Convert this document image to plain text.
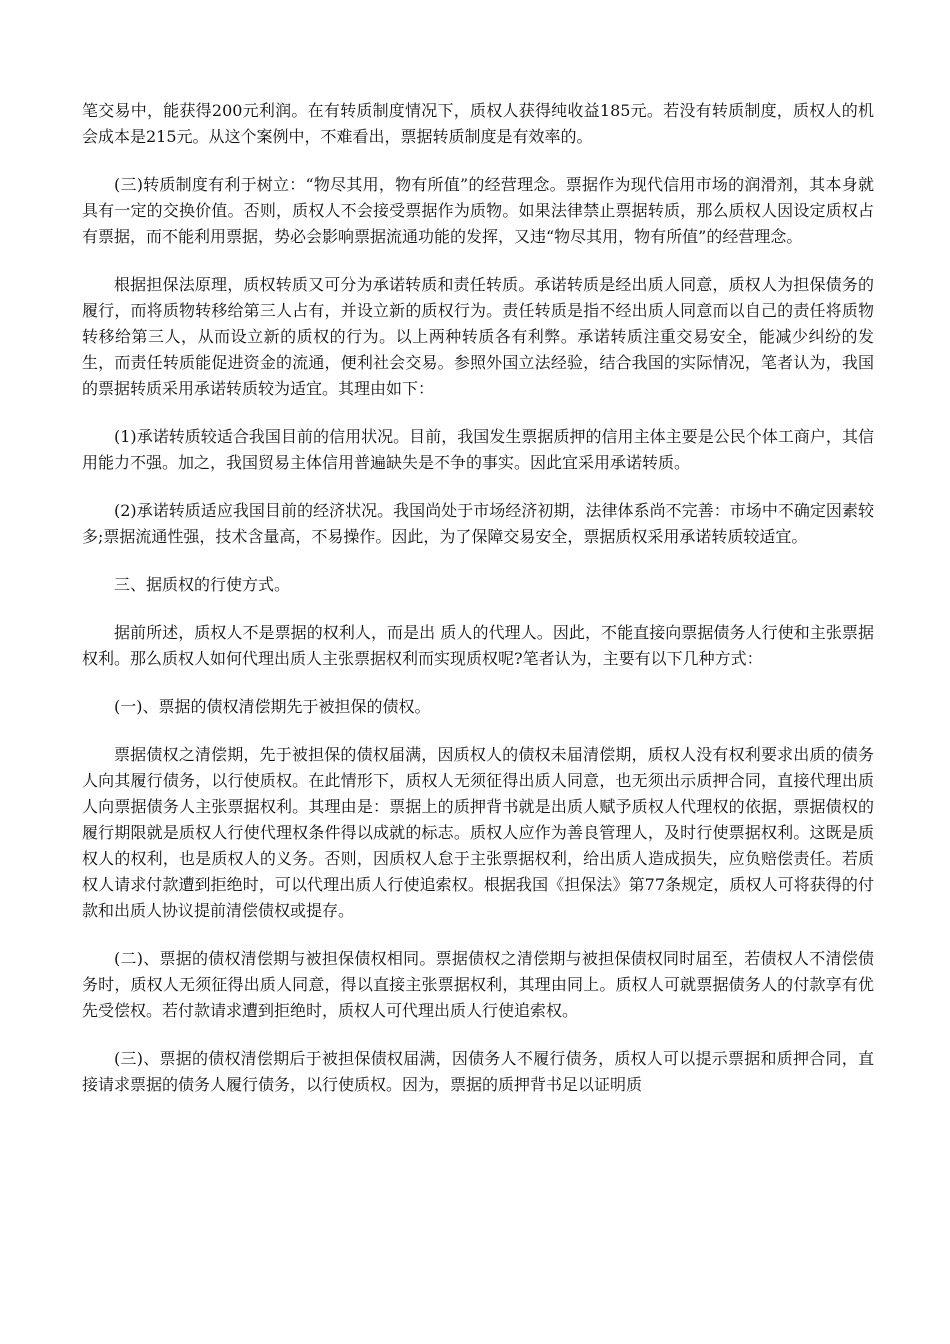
笔交易中，能获得200元利润。在有转质制度情况下，质权人获得纯收益185元。若没有转质制度，质权人的机会成本是215元。从这个案例中，不难看出，票据转质制度是有效率的。

(三)转质制度有利于树立：“物尽其用，物有所值”的经营理念。票据作为现代信用市场的润滑剂，其本身就具有一定的交换价值。否则，质权人不会接受票据作为质物。如果法律禁止票据转质，那么质权人因设定质权占有票据，而不能利用票据，势必会影响票据流通功能的发挥，又违“物尽其用，物有所值”的经营理念。

根据担保法原理，质权转质又可分为承诺转质和责任转质。承诺转质是经出质人同意，质权人为担保债务的履行，而将质物转移给第三人占有，并设立新的质权行为。责任转质是指不经出质人同意而以自己的责任将质物转移给第三人，从而设立新的质权的行为。以上两种转质各有利弊。承诺转质注重交易安全，能减少纠纷的发生，而责任转质能促进资金的流通，便利社会交易。参照外国立法经验，结合我国的实际情况，笔者认为，我国的票据转质采用承诺转质较为适宜。其理由如下：

(1)承诺转质较适合我国目前的信用状况。目前，我国发生票据质押的信用主体主要是公民个体工商户，其信用能力不强。加之，我国贸易主体信用普遍缺失是不争的事实。因此宜采用承诺转质。

(2)承诺转质适应我国目前的经济状况。我国尚处于市场经济初期，法律体系尚不完善：市场中不确定因素较多;票据流通性强，技术含量高，不易操作。因此，为了保障交易安全，票据质权采用承诺转质较适宜。

三、据质权的行使方式。

据前所述，质权人不是票据的权利人，而是出 质人的代理人。因此，不能直接向票据债务人行使和主张票据权利。那么质权人如何代理出质人主张票据权利而实现质权呢?笔者认为，主要有以下几种方式：

(一)、票据的债权清偿期先于被担保的债权。

票据债权之清偿期，先于被担保的债权届满，因质权人的债权未届清偿期，质权人没有权利要求出质的债务人向其履行债务，以行使质权。在此情形下，质权人无须征得出质人同意，也无须出示质押合同，直接代理出质人向票据债务人主张票据权利。其理由是：票据上的质押背书就是出质人赋予质权人代理权的依据，票据债权的履行期限就是质权人行使代理权条件得以成就的标志。质权人应作为善良管理人，及时行使票据权利。这既是质权人的权利，也是质权人的义务。否则，因质权人怠于主张票据权利，给出质人造成损失，应负赔偿责任。若质权人请求付款遭到拒绝时，可以代理出质人行使追索权。根据我国《担保法》第77条规定，质权人可将获得的付款和出质人协议提前清偿债权或提存。

(二)、票据的债权清偿期与被担保债权相同。票据债权之清偿期与被担保债权同时届至，若债权人不清偿债务时，质权人无须征得出质人同意，得以直接主张票据权利，其理由同上。质权人可就票据债务人的付款享有优先受偿权。若付款请求遭到拒绝时，质权人可代理出质人行使追索权。

(三)、票据的债权清偿期后于被担保债权届满，因债务人不履行债务，质权人可以提示票据和质押合同，直接请求票据的债务人履行债务，以行使质权。因为，票据的质押背书足以证明质
